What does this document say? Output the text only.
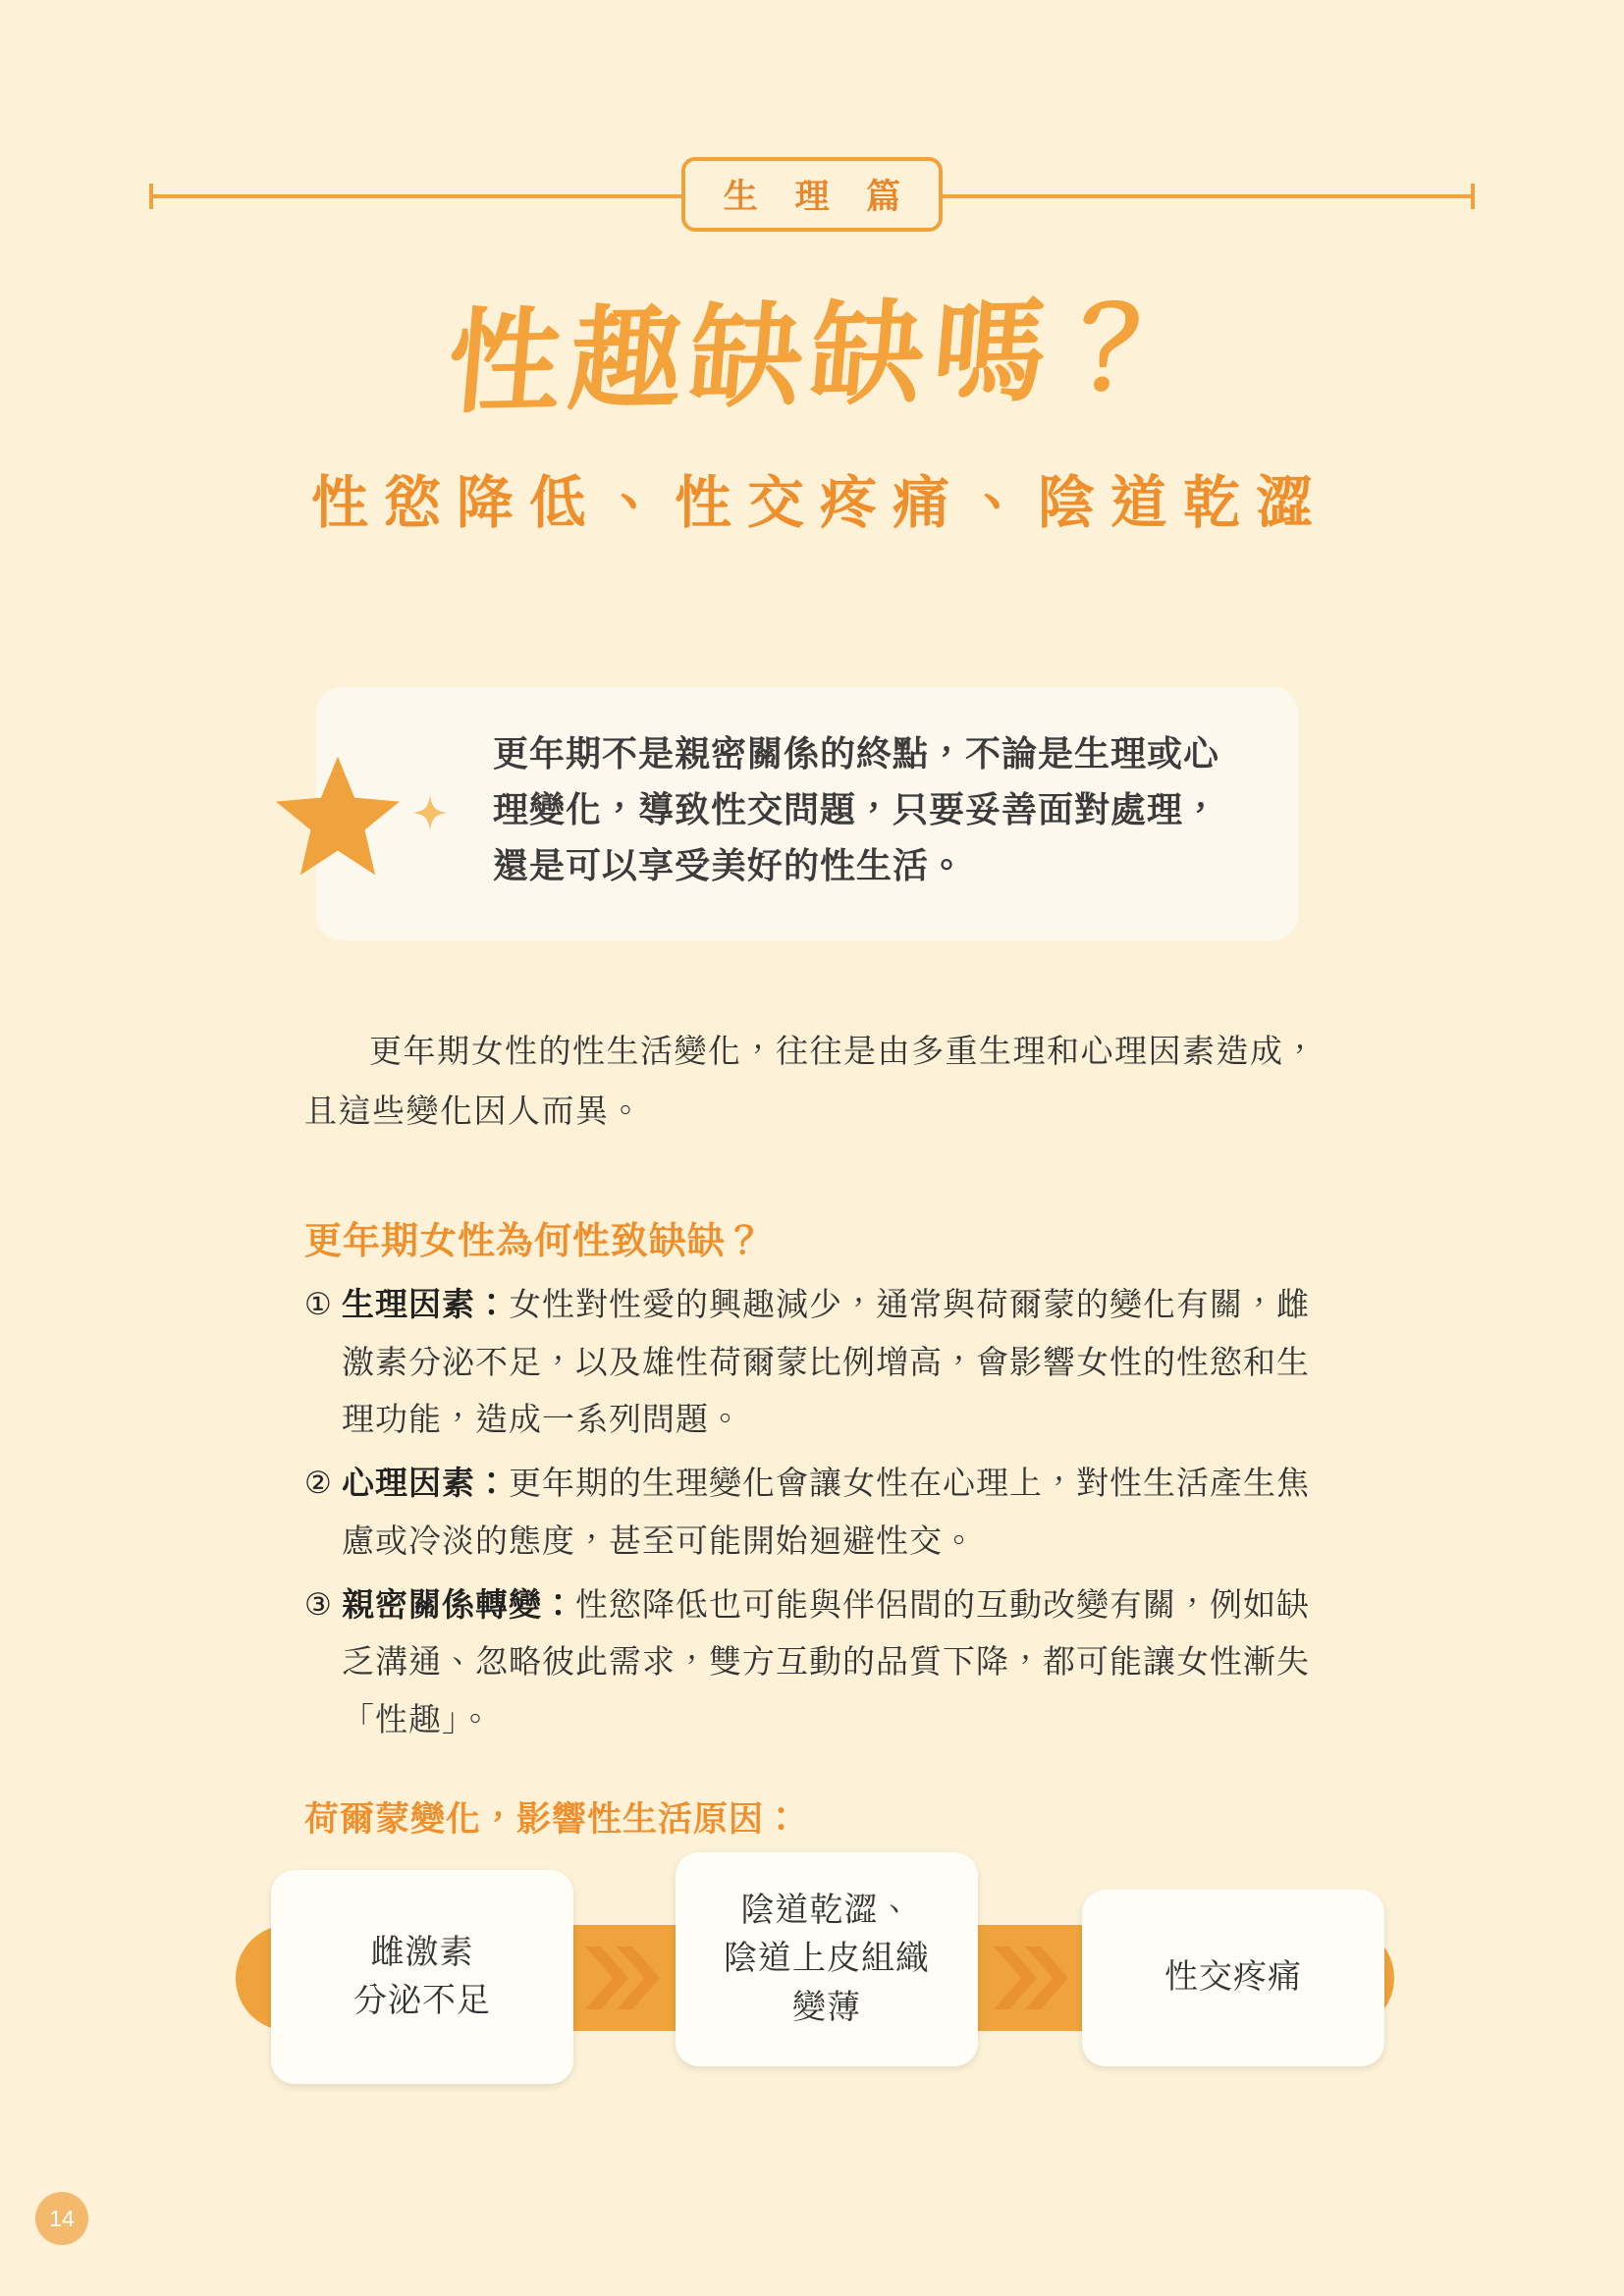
生 理 篇
性趣缺缺嗎？
性慾降低、性交疼痛、陰道乾澀

更年期不是親密關係的終點，不論是生理或心理變化，導致性交問題，只要妥善面對處理，還是可以享受美好的性生活。

更年期女性的性生活變化，往往是由多重生理和心理因素造成，且這些變化因人而異。
更年期女性為何性致缺缺？
① 生理因素：女性對性愛的興趣減少，通常與荷爾蒙的變化有關，雌激素分泌不足，以及雄性荷爾蒙比例增高，會影響女性的性慾和生理功能，造成一系列問題。
② 心理因素：更年期的生理變化會讓女性在心理上，對性生活產生焦慮或冷淡的態度，甚至可能開始迴避性交。
③ 親密關係轉變：性慾降低也可能與伴侶間的互動改變有關，例如缺乏溝通、忽略彼此需求，雙方互動的品質下降，都可能讓女性漸失「性趣」。
荷爾蒙變化，影響性生活原因：
雌激素
分泌不足
陰道乾澀、
陰道上皮組織
變薄
性交疼痛
14
